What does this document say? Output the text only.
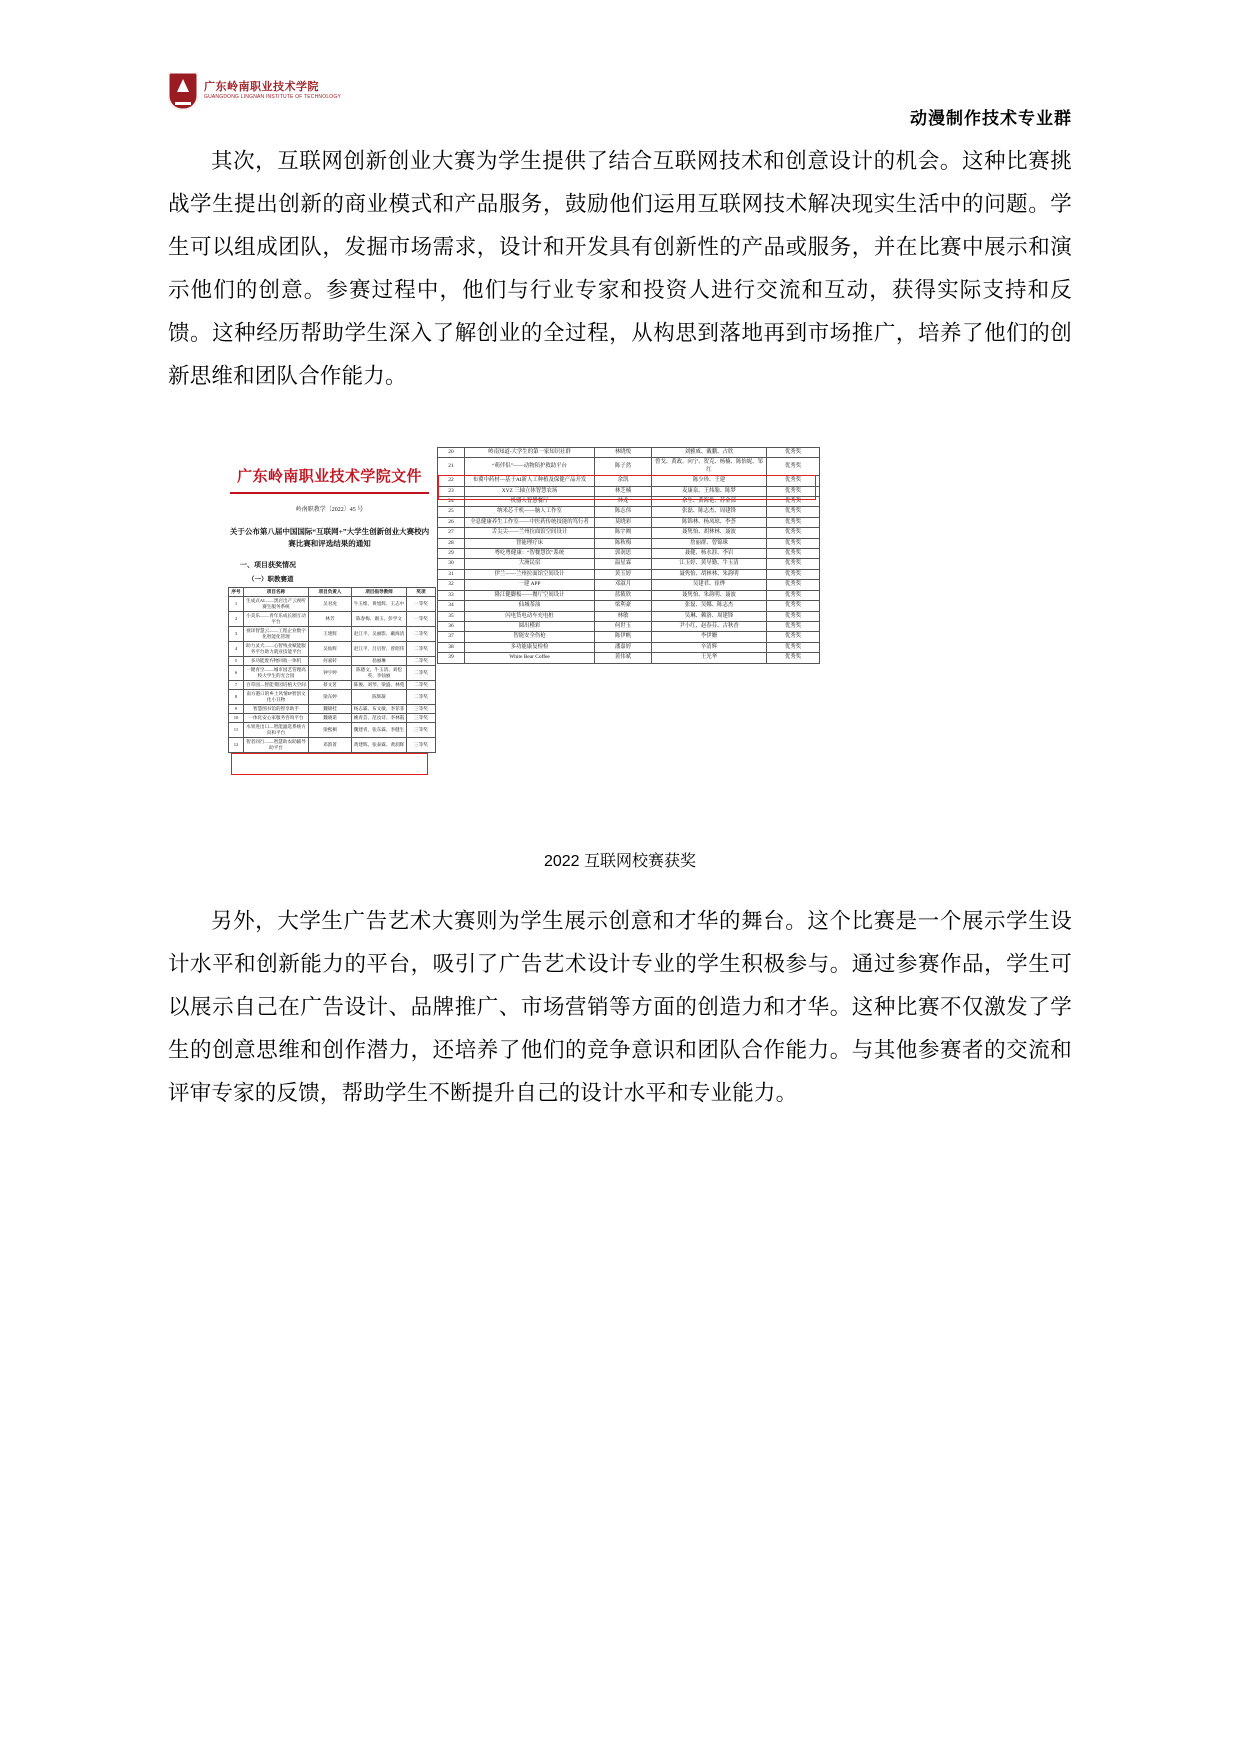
广东岭南职业技术学院
GUANGDONG LINGNAN INSTITUTE OF TECHNOLOGY
动漫制作技术专业群
其次，互联网创新创业大赛为学生提供了结合互联网技术和创意设计的机会。这种比赛挑战学生提出创新的商业模式和产品服务，鼓励他们运用互联网技术解决现实生活中的问题。学生可以组成团队，发掘市场需求，设计和开发具有创新性的产品或服务，并在比赛中展示和演示他们的创意。参赛过程中，他们与行业专家和投资人进行交流和互动，获得实际支持和反馈。这种经历帮助学生深入了解创业的全过程，从构思到落地再到市场推广，培养了他们的创新思维和团队合作能力。
广东岭南职业技术学院文件
岭南职教学〔2022〕45 号
关于公布第八届中国国际“互联网+”大学生创新创业大赛校内赛比赛和评选结果的通知
一、项目获奖情况
（一）职教赛道
序号	项目名称	项目负责人	项目指导教师	奖项
1	生成式AI——黑店出产云视听赛生服务系统	吴君虎	牛玉维、黄旭辉、王志中	一等奖
2	小美乐——青年乐成长圈互动平台	林芳	陈春梅、谢玉、彭学文	一等奖
3	视译智慧云——工程企业数字化智能化管理	王建辉	赵江平、吴丽影、戴海清	二等奖
4	助力灵犬——心智残业赋能服务平台助力就业技能平台	吴仙辉	赵江平、吕启智、曾昭伟	二等奖
5	多功能废弃物回收一体机	何嘉转	翁丽琳	二等奖
6	一键青空——城市园艺管理高校大学生的光合园	钟宇婷	陈德文、牛玉清、刘松英、李仙丽	二等奖
7	百草园—智能菜园培植大空间	蔡文茗	陈俊、刘琴、梁盛、林苑	二等奖
8	南方港口的乡土风情IP智创文化小丑物	梁东婷	陈辉凝	二等奖
9	智慧图书馆的智享助手	魏锦桂	杨志霖、布文敏、李菲菲	三等奖
10	一体化安心家服务咨询平台	魏晓诺	姚青芸、范汝诗、李林霞	三等奖
11	水果进出口—智能滤选系统方向和平台	梁熙桐	魏建青、张东霖、李健生	三等奖
12	智者同行——智慧助农助辅导助平台	邓韵菁	黄建辉、张泰霖、黄润辉	三等奖
20	岭南知道-大学生的第一家知识社群	林晓悦	刘雅威、戴鹏、占欣	优秀奖
21	“萌伴侣”——动物陪护救助平台	陈子然	曾戈、黄政、向宁、贺克、杨楠、陈怡妮、邹红	优秀奖
22	布冀中药材—基于AI新人工种植及保健产品开发	余凯	陈少珍、王建	优秀奖
23	XYZ 三轴立体智慧农场	林芝楠	麦康泉、王炜胎、陈梦	优秀奖
24	机器人智慧餐厅	林龙	余生、黄海艳、苏金部	优秀奖
25	纳米芯千机——脑人工作室	陈志伟	张磊、陈志杰、周建锋	优秀奖
26	全息健康养生工作室——中医药传统技能的笃行者	莫晓彩	陈锦林、杨凤琼、李荟	优秀奖
27	舌尖尖——兰州拉面馆空间设计	陈宇阙	聂隽怡、胡林林、聂波	优秀奖
28	智能理疗床	陈秋梅	詹丽群、曾锦珠	优秀奖
29	粤吃粤健康：“智餐慧饮”系统	郭润思	聂健、杨水涯、李岩	优秀奖
30	大洲民宿	温星霖	江玉婷、黄导勤、牛玉清	优秀奖
31	伊兰——兰州拉面馆空间设计	黄玉婷	聂隽怡、胡林林、朱韵明	优秀奖
32	一建 APP	邓淑月	吴建君、崔烨	优秀奖
33	隆江健脚板——餐厅空间设计	蓝筱欣	聂隽怡、朱韵明、聂波	优秀奖
34	仙城茶油	梁利豪	张磊、吴娜、陈志杰	优秀奖
35	闪电货电动车充电桩	林敏	吴琳、赖洛、周建锋	优秀奖
36	圆出槿彩	何世玉	尹小红、赵春芬、古秋香	优秀奖
37	智能安全伤枪	陈伊帆	李伊姗	优秀奖
38	多功能康复检检	潘嘉婷	辛清辉	优秀奖
39	White Bear Coffee	黄伟斌	王光华	优秀奖
2022 互联网校赛获奖
另外，大学生广告艺术大赛则为学生展示创意和才华的舞台。这个比赛是一个展示学生设计水平和创新能力的平台，吸引了广告艺术设计专业的学生积极参与。通过参赛作品，学生可以展示自己在广告设计、品牌推广、市场营销等方面的创造力和才华。这种比赛不仅激发了学生的创意思维和创作潜力，还培养了他们的竞争意识和团队合作能力。与其他参赛者的交流和评审专家的反馈，帮助学生不断提升自己的设计水平和专业能力。
